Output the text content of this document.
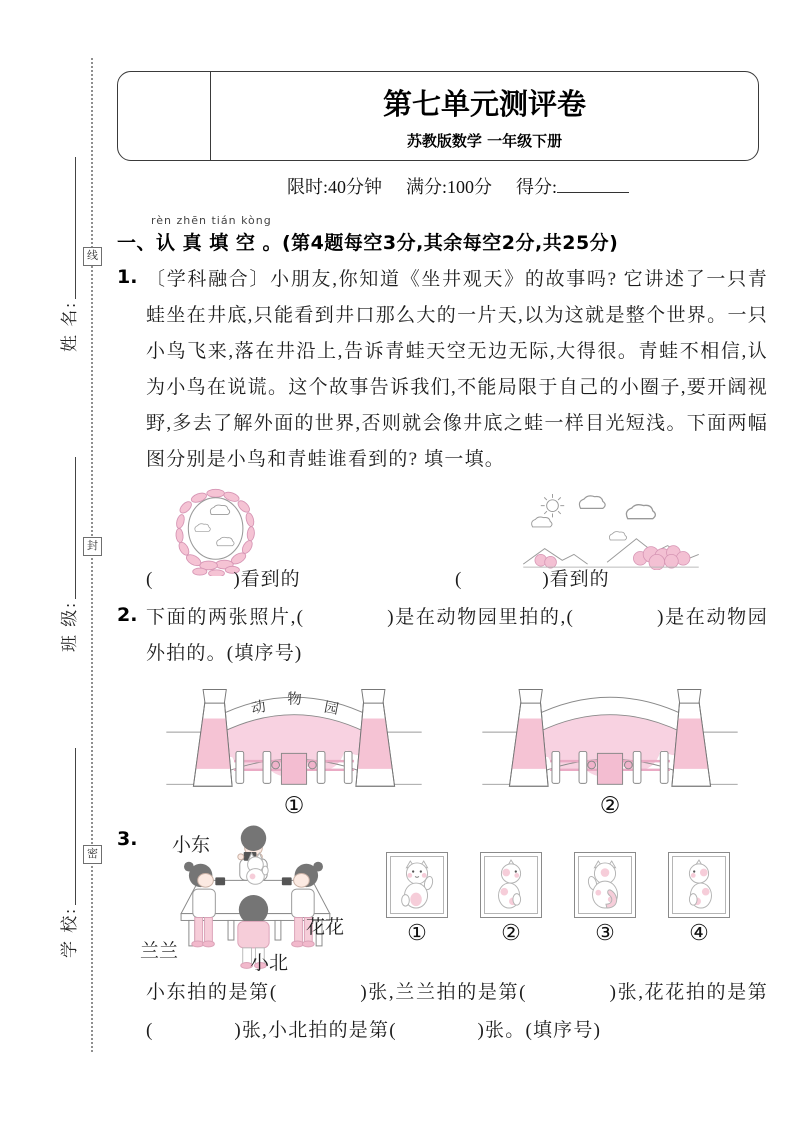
线
封
密
姓 名:
班 级:
学 校:
第七单元测评卷
苏教版数学 一年级下册
限时:40分钟 满分:100分 得分:
rèn zhēn tián kòng
一、认 真 填 空 。(第4题每空3分,其余每空2分,共25分)
1. 〔学科融合〕小朋友,你知道《坐井观天》的故事吗? 它讲述了一只青蛙坐在井底,只能看到井口那么大的一片天,以为这就是整个世界。一只小鸟飞来,落在井沿上,告诉青蛙天空无边无际,大得很。青蛙不相信,认为小鸟在说谎。这个故事告诉我们,不能局限于自己的小圈子,要开阔视野,多去了解外面的世界,否则就会像井底之蛙一样目光短浅。下面两幅图分别是小鸟和青蛙谁看到的? 填一填。
(　　　　)看到的	(　　　　)看到的
2. 下面的两张照片,(　　　　)是在动物园里拍的,(　　　　)是在动物园外拍的。(填序号)
动 物 园
①	②
3. 小东
兰兰
小北
花花	①	②	③	④
小东拍的是第(　　　　)张,兰兰拍的是第(　　　　)张,花花拍的是第(　　　　)张,小北拍的是第(　　　　)张。(填序号)
